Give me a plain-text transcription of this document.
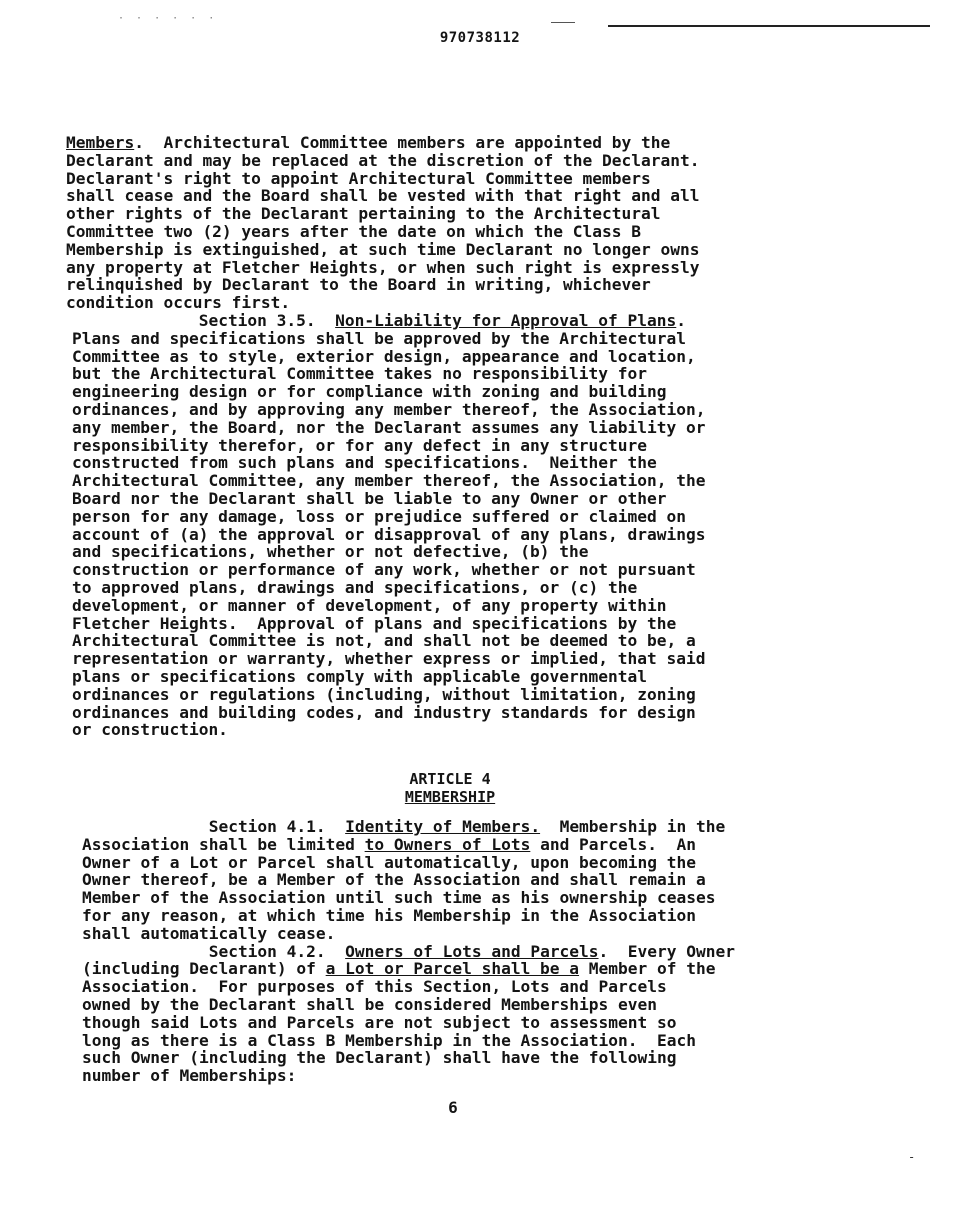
· · · · · ·
970738112
Members.  Architectural Committee members are appointed by the
Declarant and may be replaced at the discretion of the Declarant.
Declarant's right to appoint Architectural Committee members
shall cease and the Board shall be vested with that right and all
other rights of the Declarant pertaining to the Architectural
Committee two (2) years after the date on which the Class B
Membership is extinguished, at such time Declarant no longer owns
any property at Fletcher Heights, or when such right is expressly
relinquished by Declarant to the Board in writing, whichever
condition occurs first.
Section 3.5. Non-Liability for Approval of Plans.
Plans and specifications shall be approved by the Architectural
Committee as to style, exterior design, appearance and location,
but the Architectural Committee takes no responsibility for
engineering design or for compliance with zoning and building
ordinances, and by approving any member thereof, the Association,
any member, the Board, nor the Declarant assumes any liability or
responsibility therefor, or for any defect in any structure
constructed from such plans and specifications.  Neither the
Architectural Committee, any member thereof, the Association, the
Board nor the Declarant shall be liable to any Owner or other
person for any damage, loss or prejudice suffered or claimed on
account of (a) the approval or disapproval of any plans, drawings
and specifications, whether or not defective, (b) the
construction or performance of any work, whether or not pursuant
to approved plans, drawings and specifications, or (c) the
development, or manner of development, of any property within
Fletcher Heights.  Approval of plans and specifications by the
Architectural Committee is not, and shall not be deemed to be, a
representation or warranty, whether express or implied, that said
plans or specifications comply with applicable governmental
ordinances or regulations (including, without limitation, zoning
ordinances and building codes, and industry standards for design
or construction.
ARTICLE 4
MEMBERSHIP
Section 4.1. Identity of Members.  Membership in the
Association shall be limited to Owners of Lots and Parcels.  An
Owner of a Lot or Parcel shall automatically, upon becoming the
Owner thereof, be a Member of the Association and shall remain a
Member of the Association until such time as his ownership ceases
for any reason, at which time his Membership in the Association
shall automatically cease.
Section 4.2. Owners of Lots and Parcels.  Every Owner
(including Declarant) of a Lot or Parcel shall be a Member of the
Association.  For purposes of this Section, Lots and Parcels
owned by the Declarant shall be considered Memberships even
though said Lots and Parcels are not subject to assessment so
long as there is a Class B Membership in the Association.  Each
such Owner (including the Declarant) shall have the following
number of Memberships:
6
‑
